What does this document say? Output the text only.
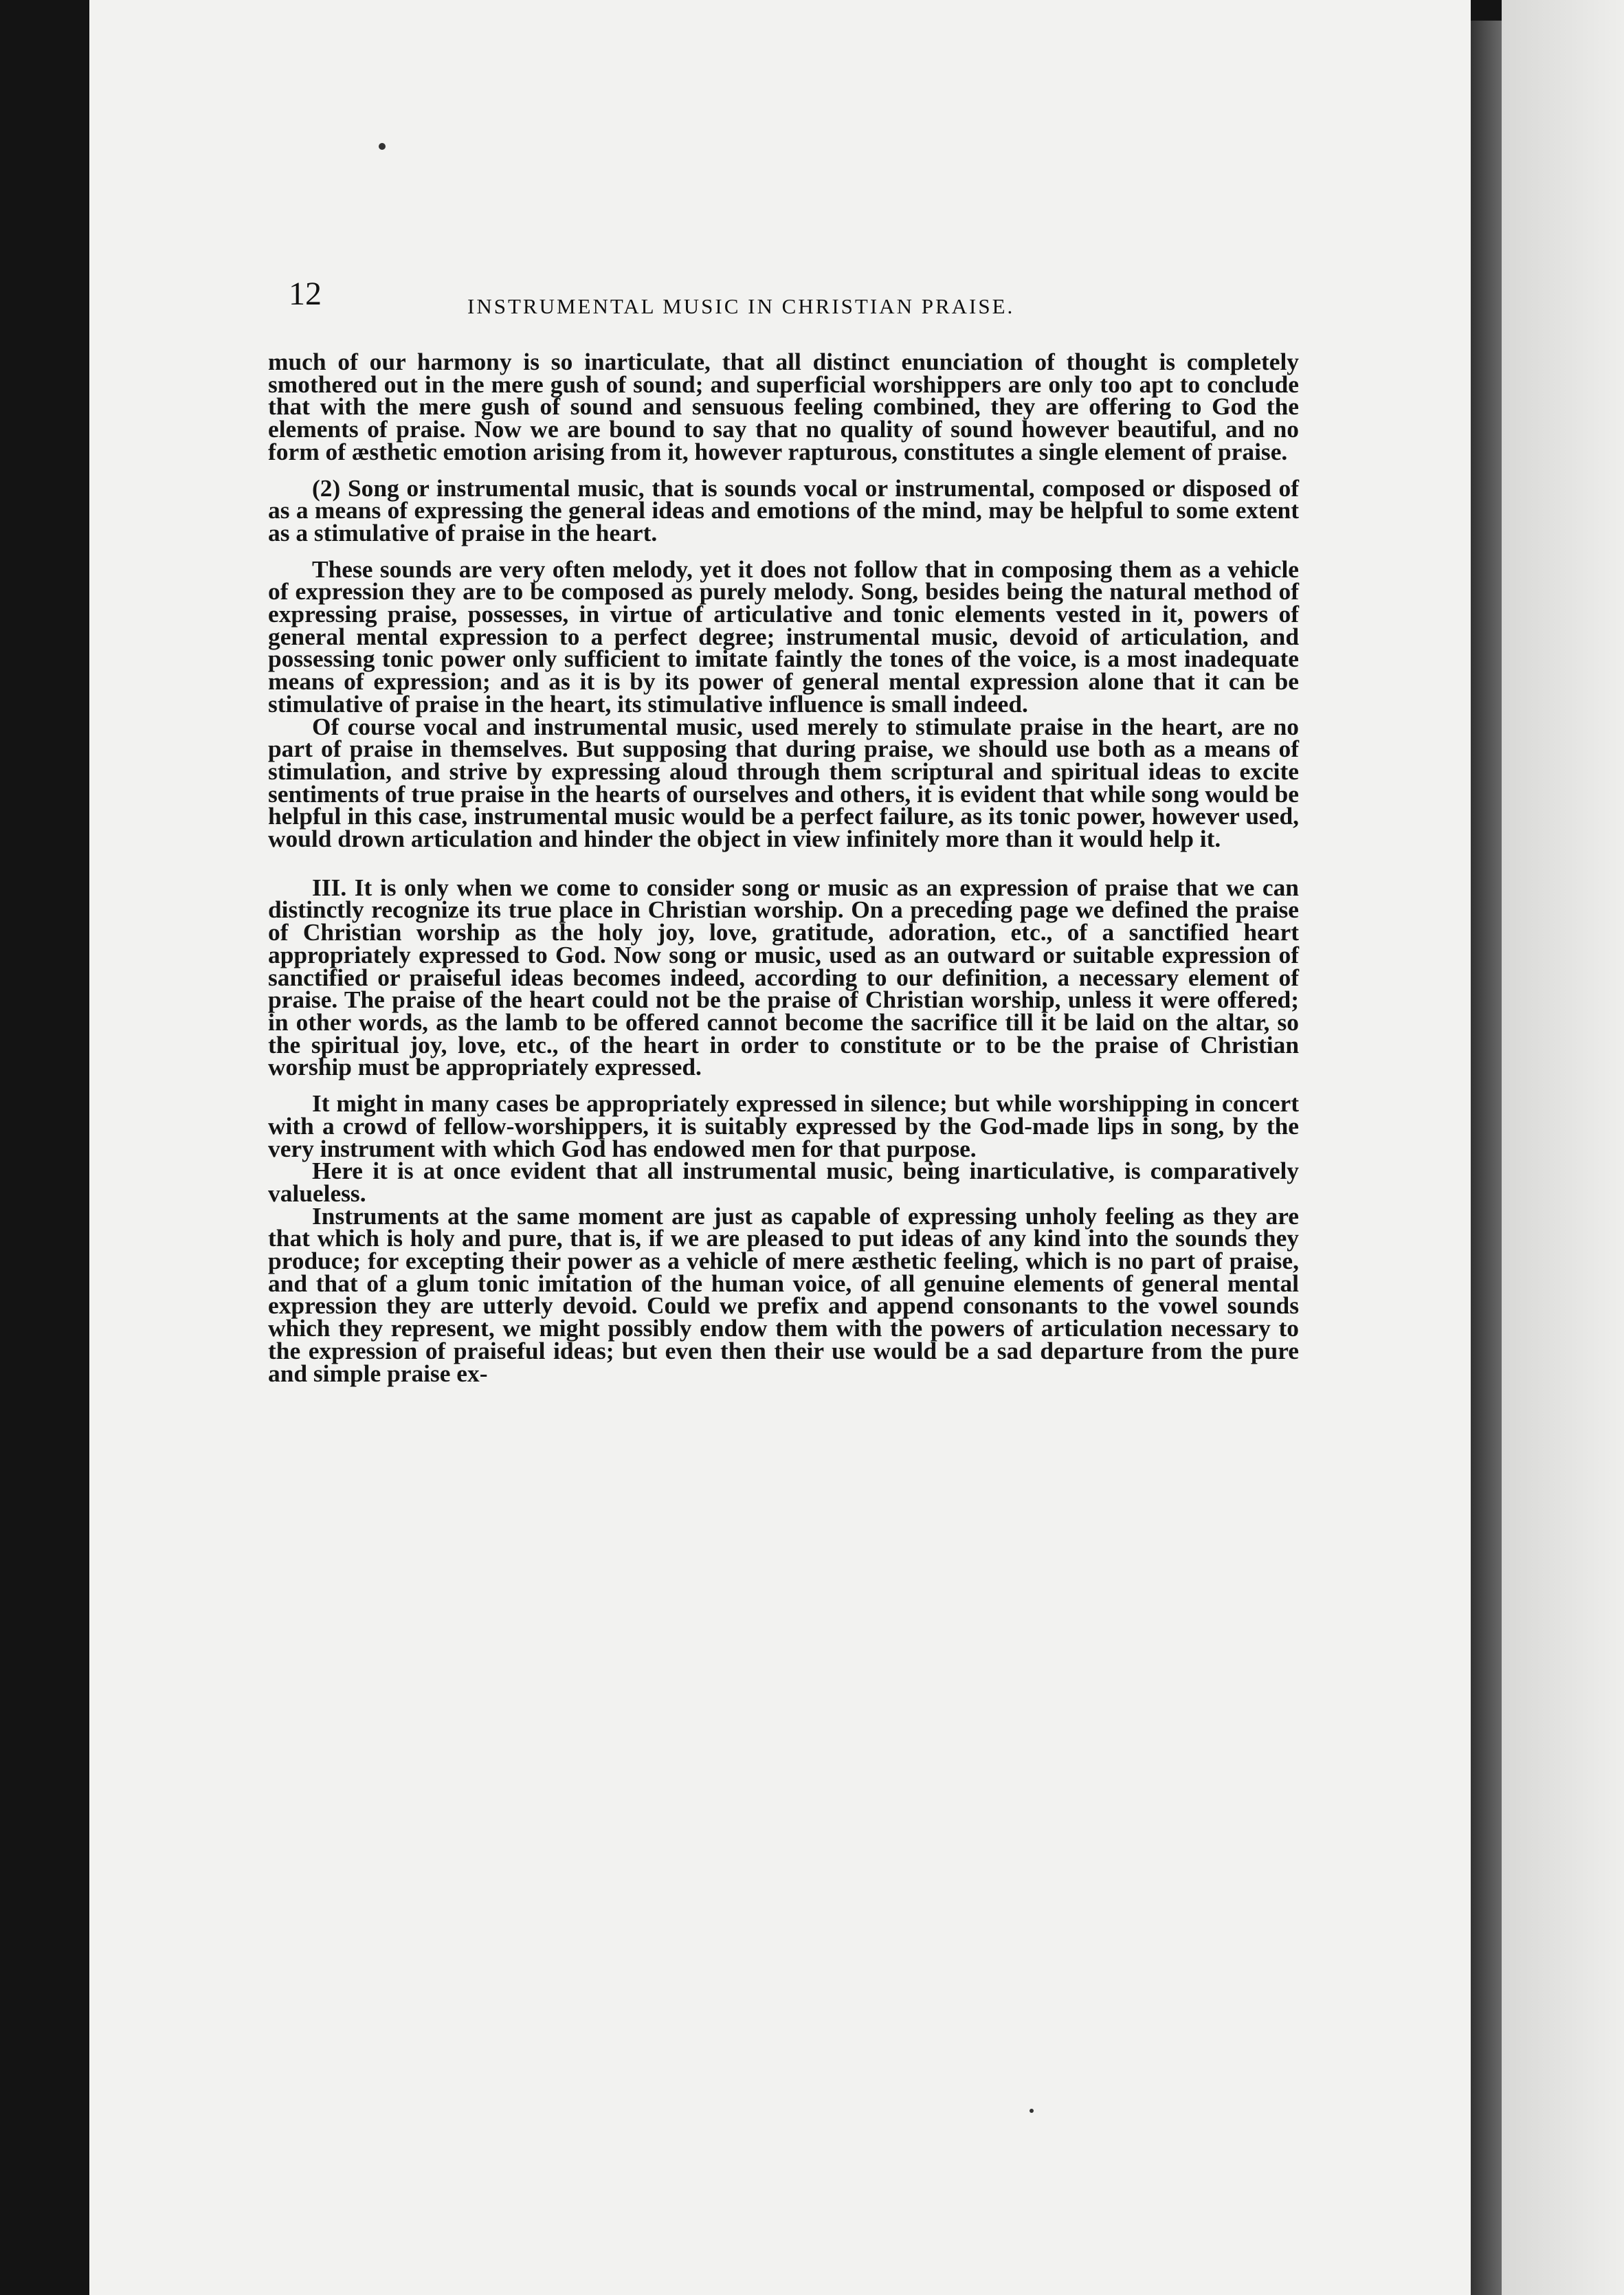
12	INSTRUMENTAL MUSIC IN CHRISTIAN PRAISE.

much of our harmony is so inarticulate, that all distinct enunciation of thought is completely smothered out in the mere gush of sound; and superficial worshippers are only too apt to conclude that with the mere gush of sound and sensuous feeling combined, they are offering to God the elements of praise. Now we are bound to say that no quality of sound however beautiful, and no form of æsthetic emotion arising from it, however rapturous, constitutes a single element of praise.

(2) Song or instrumental music, that is sounds vocal or instrumental, composed or disposed of as a means of expressing the general ideas and emotions of the mind, may be helpful to some extent as a stimulative of praise in the heart.

These sounds are very often melody, yet it does not follow that in composing them as a vehicle of expression they are to be composed as purely melody. Song, besides being the natural method of expressing praise, possesses, in virtue of articulative and tonic elements vested in it, powers of general mental expression to a perfect degree; instrumental music, devoid of articulation, and possessing tonic power only sufficient to imitate faintly the tones of the voice, is a most inadequate means of expression; and as it is by its power of general mental expression alone that it can be stimulative of praise in the heart, its stimulative influence is small indeed.

Of course vocal and instrumental music, used merely to stimulate praise in the heart, are no part of praise in themselves. But supposing that during praise, we should use both as a means of stimulation, and strive by expressing aloud through them scriptural and spiritual ideas to excite sentiments of true praise in the hearts of ourselves and others, it is evident that while song would be helpful in this case, instrumental music would be a perfect failure, as its tonic power, however used, would drown articulation and hinder the object in view infinitely more than it would help it.

III. It is only when we come to consider song or music as an expression of praise that we can distinctly recognize its true place in Christian worship. On a preceding page we defined the praise of Christian worship as the holy joy, love, gratitude, adoration, etc., of a sanctified heart appropriately expressed to God. Now song or music, used as an outward or suitable expression of sanctified or praiseful ideas becomes indeed, according to our definition, a necessary element of praise. The praise of the heart could not be the praise of Christian worship, unless it were offered; in other words, as the lamb to be offered cannot become the sacrifice till it be laid on the altar, so the spiritual joy, love, etc., of the heart in order to constitute or to be the praise of Christian worship must be appropriately expressed.

It might in many cases be appropriately expressed in silence; but while worshipping in concert with a crowd of fellow-worshippers, it is suitably expressed by the God-made lips in song, by the very instrument with which God has endowed men for that purpose.

Here it is at once evident that all instrumental music, being inarticulative, is comparatively valueless.

Instruments at the same moment are just as capable of expressing unholy feeling as they are that which is holy and pure, that is, if we are pleased to put ideas of any kind into the sounds they produce; for excepting their power as a vehicle of mere æsthetic feeling, which is no part of praise, and that of a glum tonic imitation of the human voice, of all genuine elements of general mental expression they are utterly devoid. Could we prefix and append consonants to the vowel sounds which they represent, we might possibly endow them with the powers of articulation necessary to the expression of praiseful ideas; but even then their use would be a sad departure from the pure and simple praise ex-
